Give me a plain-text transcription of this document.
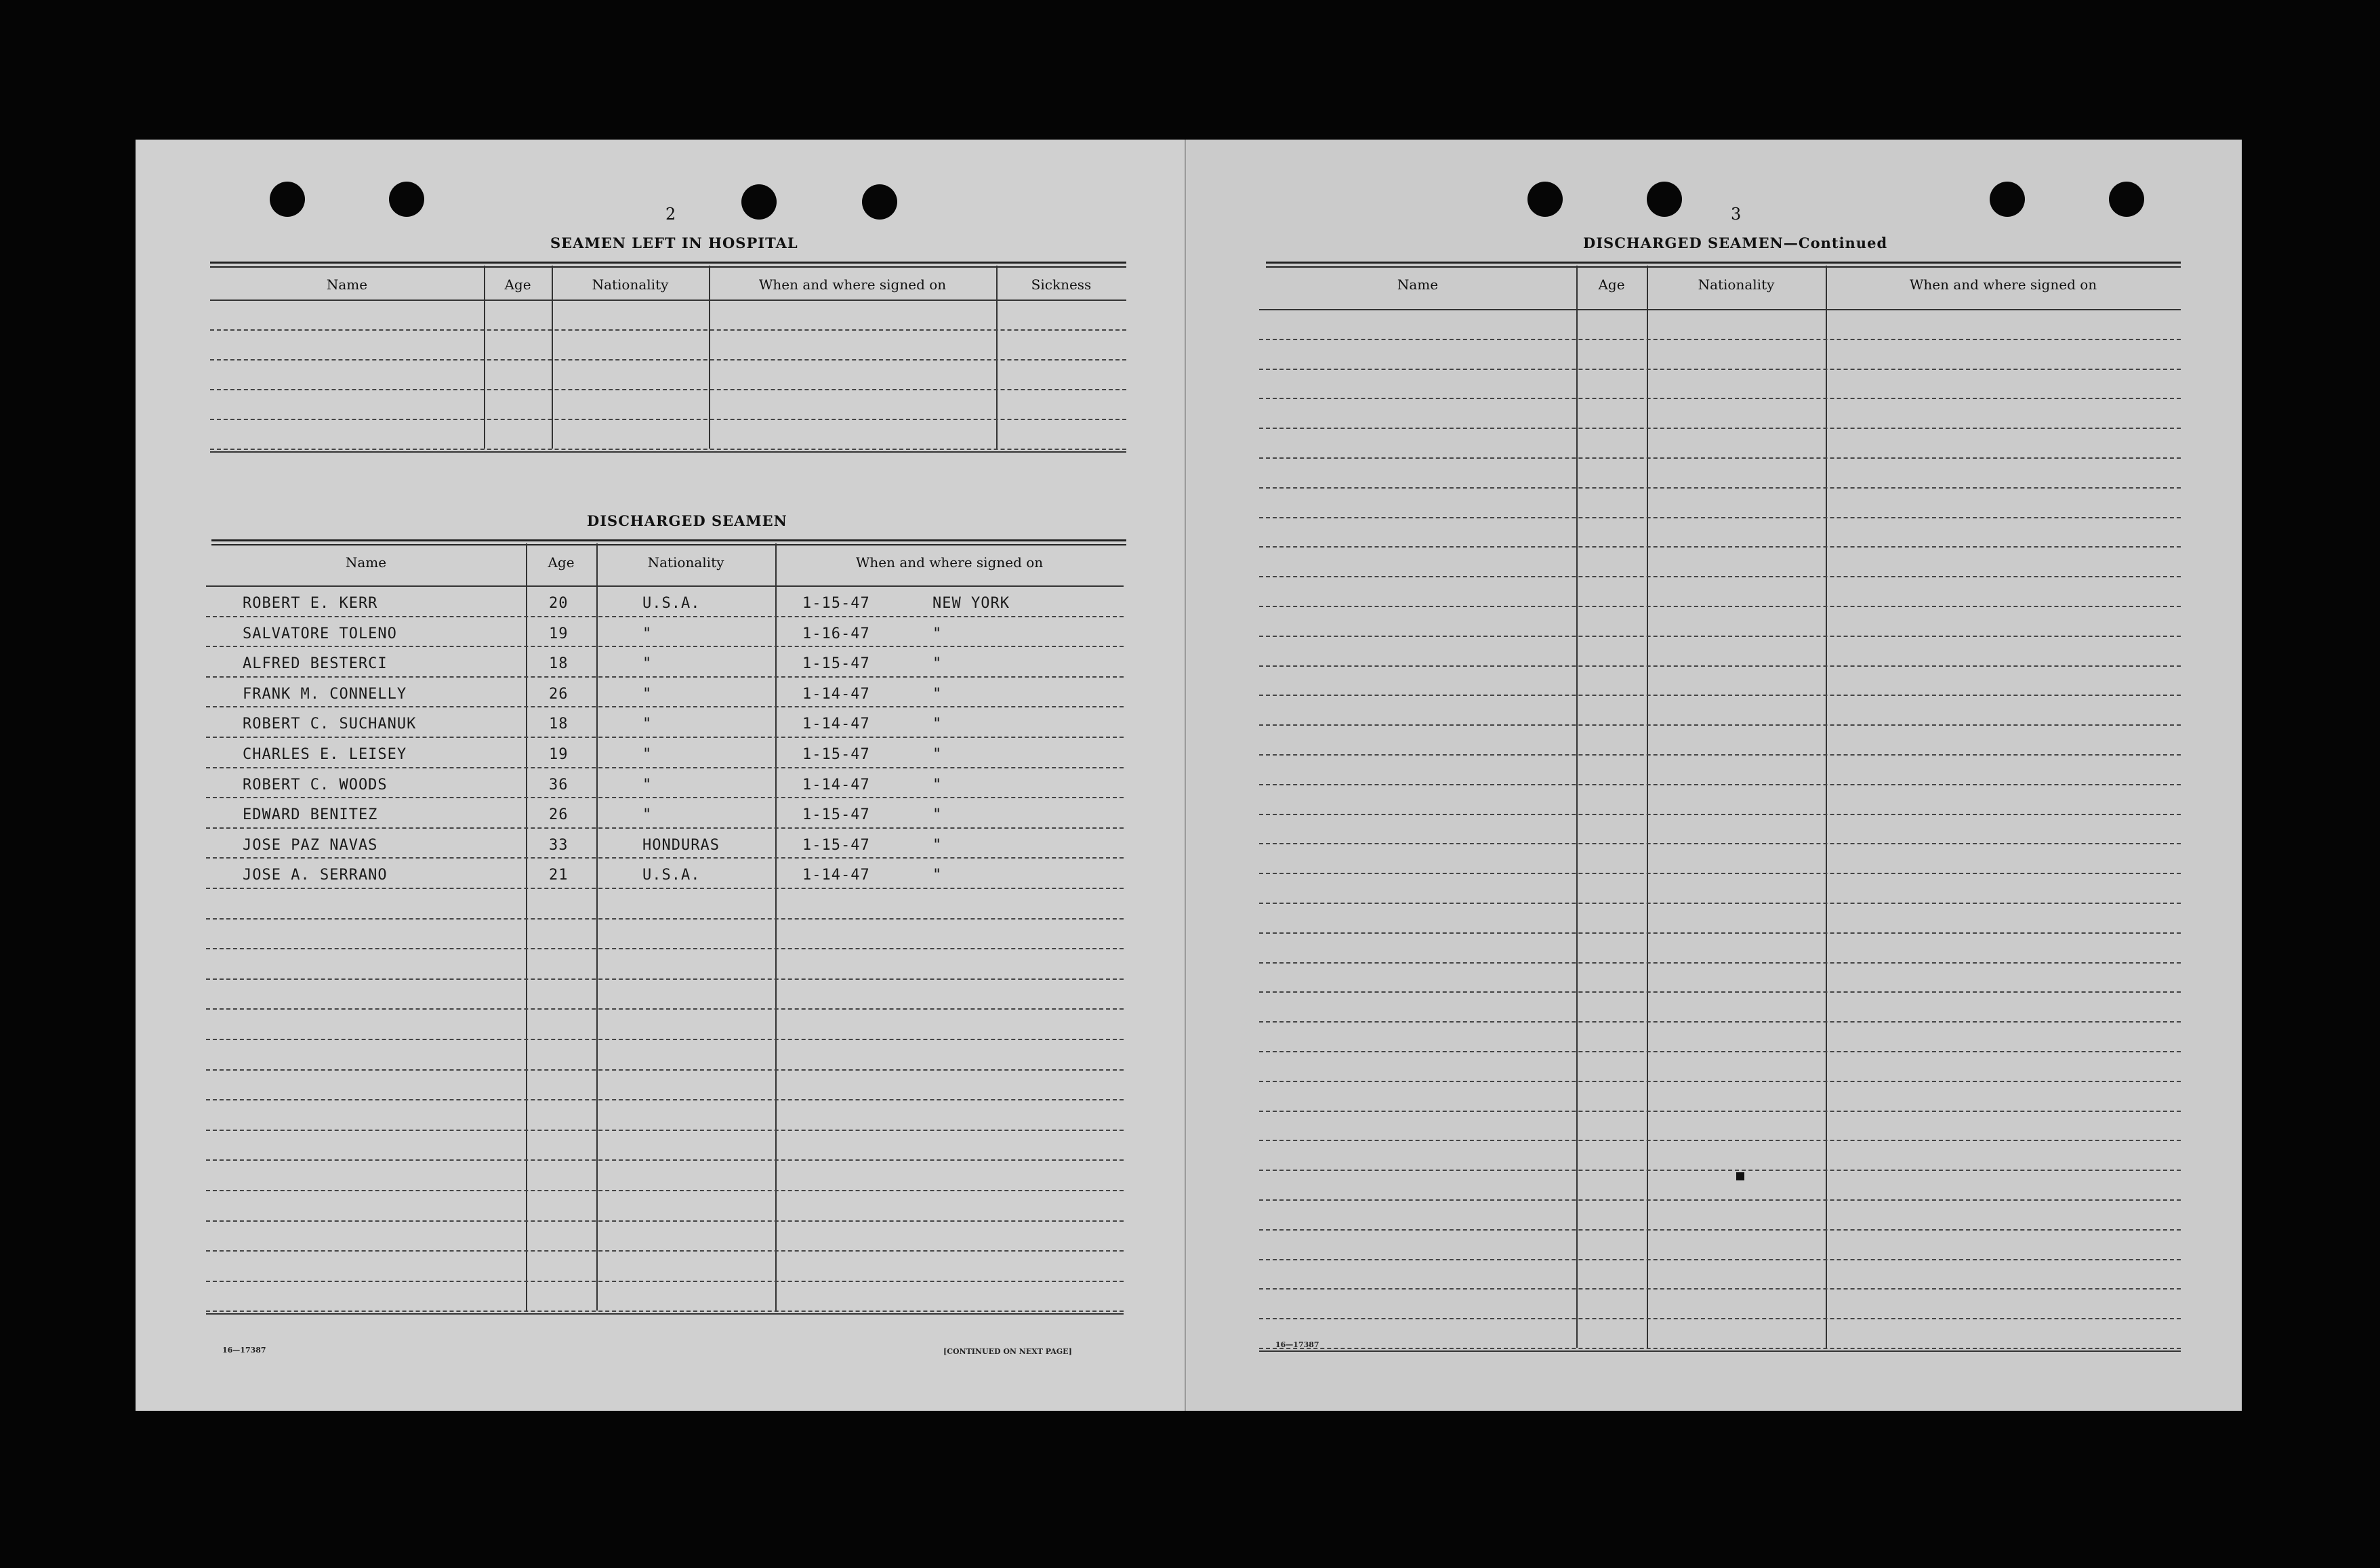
2
SEAMEN LEFT IN HOSPITAL
Name	Age	Nationality	When and where signed on	Sickness
DISCHARGED SEAMEN
Name	Age	Nationality	When and where signed on
ROBERT E. KERR	20	U.S.A.	1-15-47	NEW YORK
SALVATORE TOLENO	19	"	1-16-47	"
ALFRED BESTERCI	18	"	1-15-47	"
FRANK M. CONNELLY	26	"	1-14-47	"
ROBERT C. SUCHANUK	18	"	1-14-47	"
CHARLES E. LEISEY	19	"	1-15-47	"
ROBERT C. WOODS	36	"	1-14-47	"
EDWARD BENITEZ	26	"	1-15-47	"
JOSE PAZ NAVAS	33	HONDURAS	1-15-47	"
JOSE A. SERRANO	21	U.S.A.	1-14-47	"
16—17387	[CONTINUED ON NEXT PAGE]
3
DISCHARGED SEAMEN—Continued
Name	Age	Nationality	When and where signed on
16—17387
